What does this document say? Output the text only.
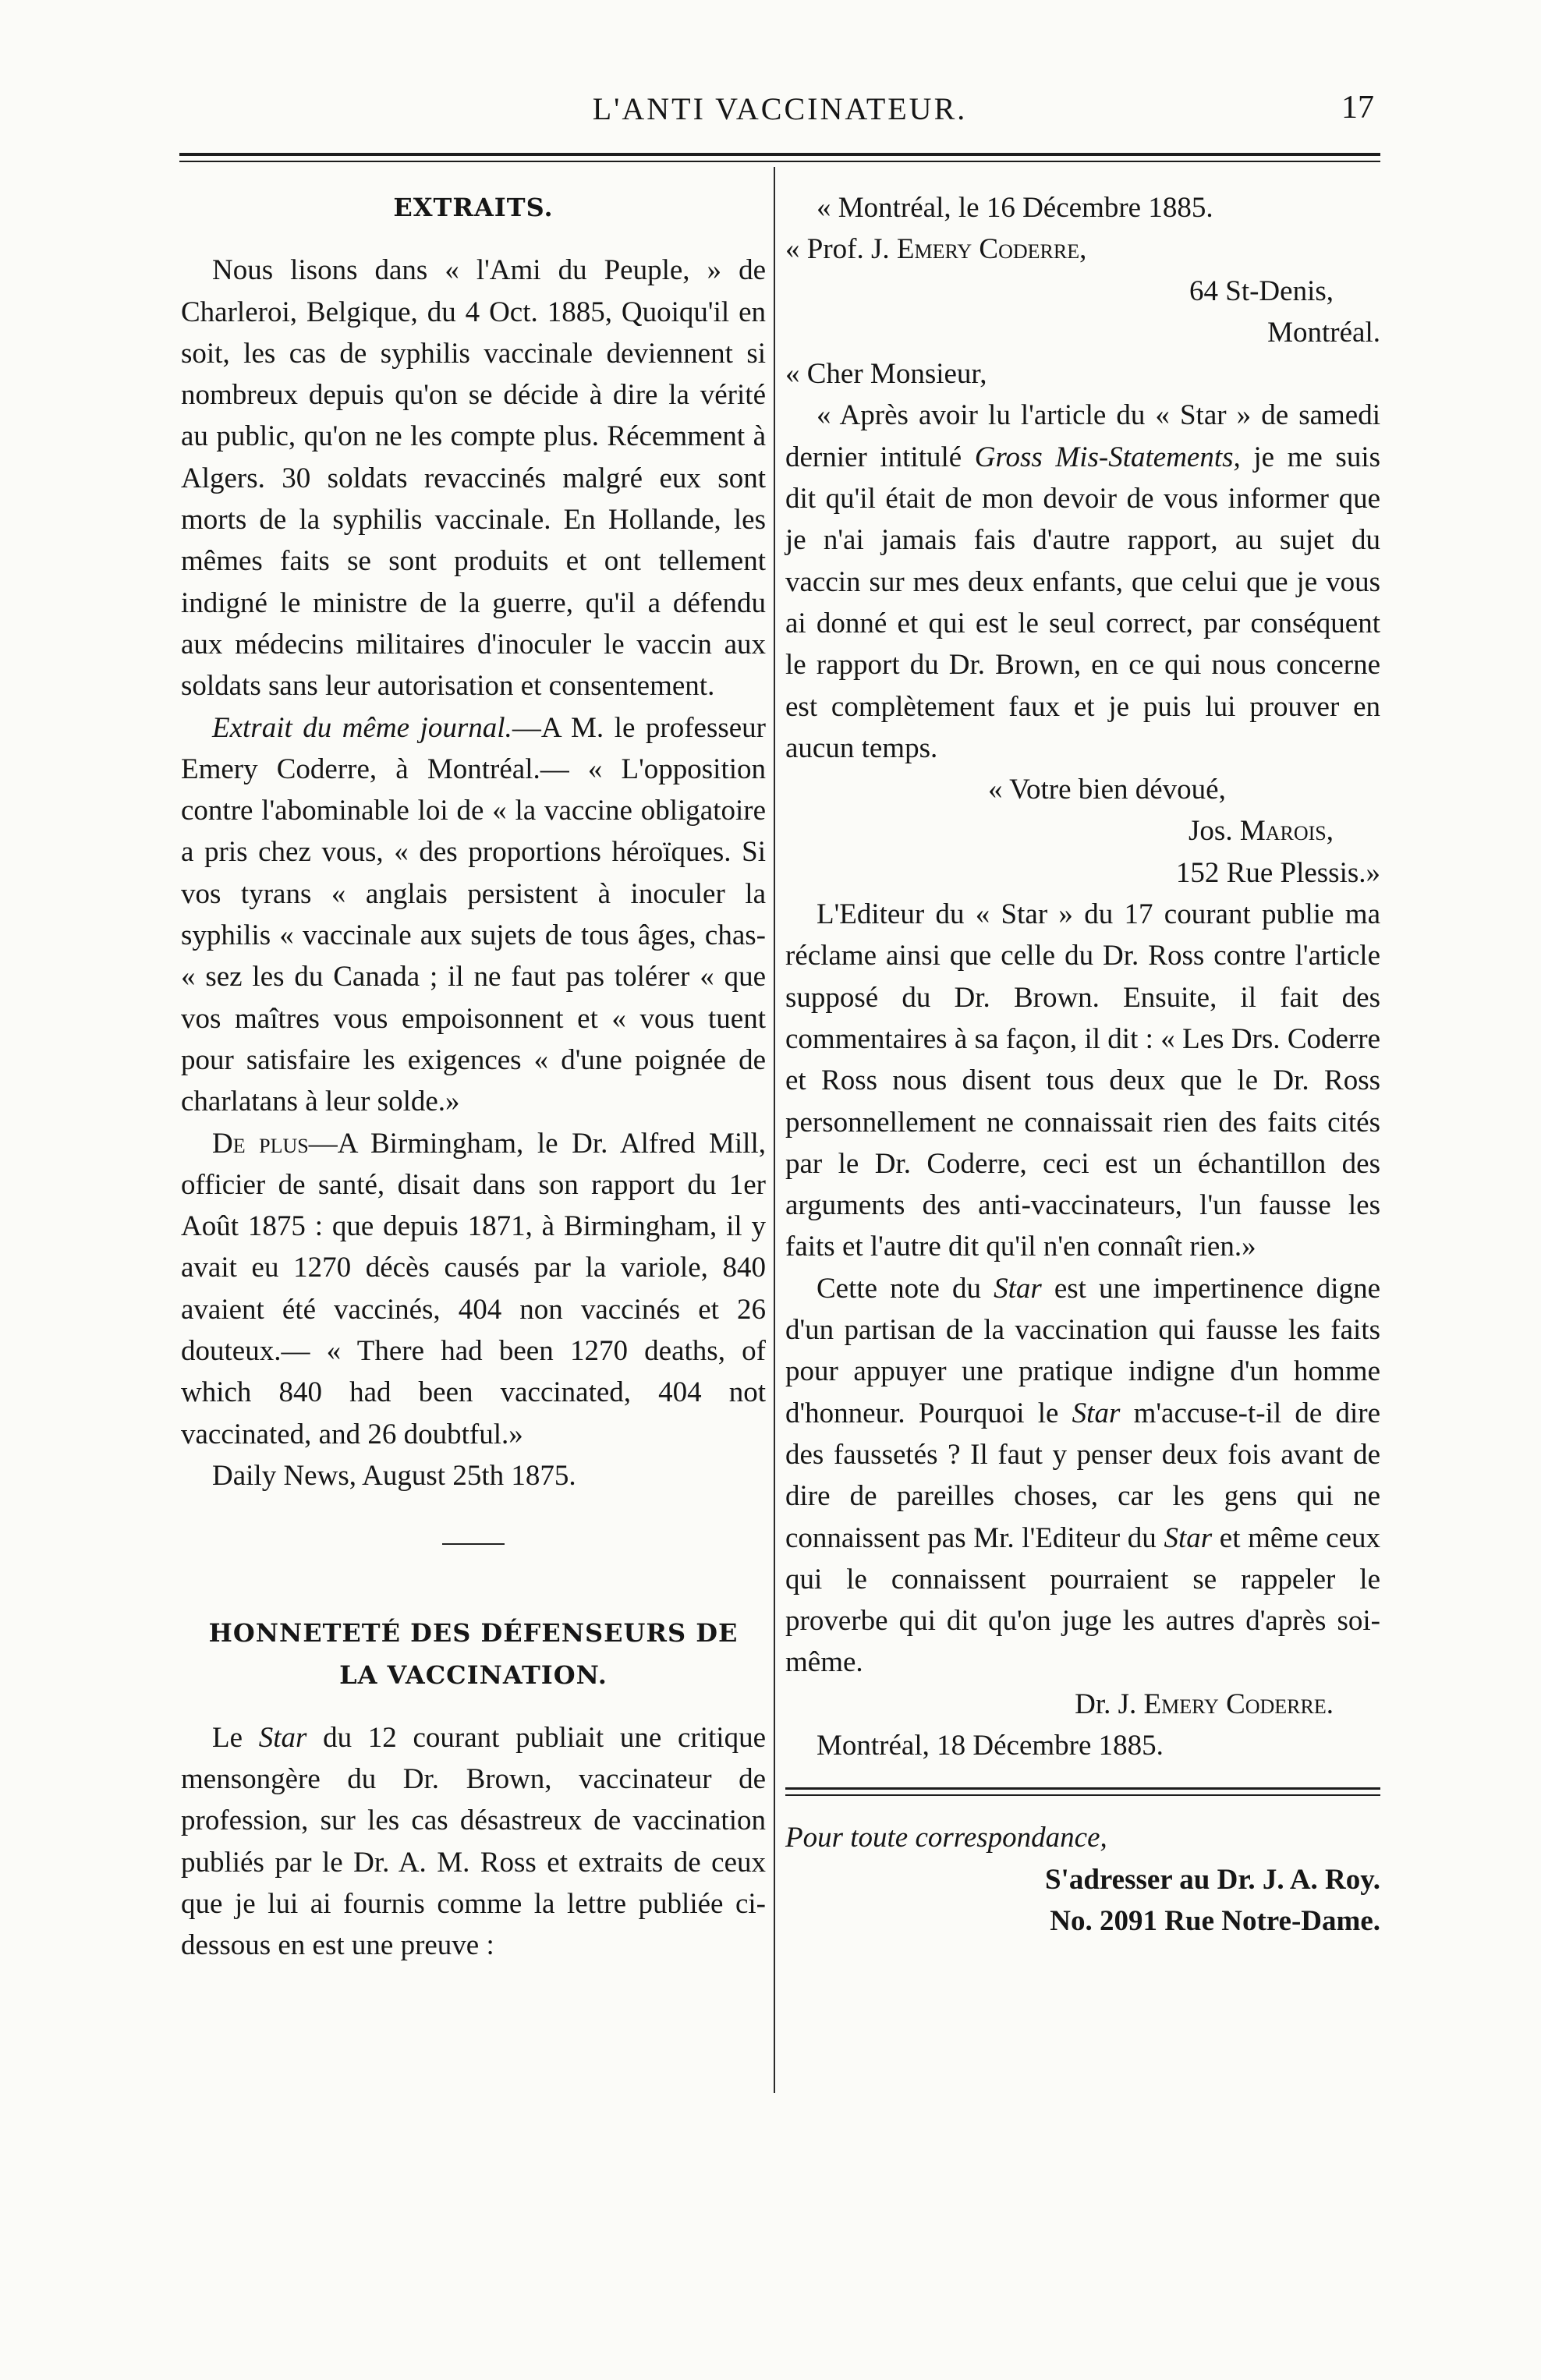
L'ANTI VACCINATEUR.	17
EXTRAITS.

Nous lisons dans « l'Ami du Peuple, » de Charleroi, Belgique, du 4 Oct. 1885, Quoiqu'il en soit, les cas de syphilis vaccinale deviennent si nombreux depuis qu'on se décide à dire la vérité au public, qu'on ne les compte plus. Récemment à Algers. 30 soldats revaccinés malgré eux sont morts de la syphilis vaccinale. En Hollande, les mêmes faits se sont produits et ont tellement indigné le ministre de la guerre, qu'il a défendu aux médecins militaires d'inoculer le vaccin aux soldats sans leur autorisation et consentement.

Extrait du même journal.—A M. le professeur Emery Coderre, à Montréal.— « L'opposition contre l'abominable loi de « la vaccine obligatoire a pris chez vous, « des proportions héroïques. Si vos tyrans « anglais persistent à inoculer la syphilis « vaccinale aux sujets de tous âges, chas- « sez les du Canada ; il ne faut pas tolérer « que vos maîtres vous empoisonnent et « vous tuent pour satisfaire les exigences « d'une poignée de charlatans à leur solde.»

De plus—A Birmingham, le Dr. Alfred Mill, officier de santé, disait dans son rapport du 1er Août 1875 : que depuis 1871, à Birmingham, il y avait eu 1270 décès causés par la variole, 840 avaient été vaccinés, 404 non vaccinés et 26 douteux.— « There had been 1270 deaths, of which 840 had been vaccinated, 404 not vaccinated, and 26 doubtful.»

Daily News, August 25th 1875.

HONNETETÉ DES DÉFENSEURS DE
LA VACCINATION.

Le Star du 12 courant publiait une critique mensongère du Dr. Brown, vaccinateur de profession, sur les cas désastreux de vaccination publiés par le Dr. A. M. Ross et extraits de ceux que je lui ai fournis comme la lettre publiée ci-dessous en est une preuve :

« Montréal, le 16 Décembre 1885.

« Prof. J. Emery Coderre,

64 St-Denis,

Montréal.

« Cher Monsieur,

« Après avoir lu l'article du « Star » de samedi dernier intitulé Gross Mis-Statements, je me suis dit qu'il était de mon devoir de vous informer que je n'ai jamais fais d'autre rapport, au sujet du vaccin sur mes deux enfants, que celui que je vous ai donné et qui est le seul correct, par conséquent le rapport du Dr. Brown, en ce qui nous concerne est complètement faux et je puis lui prouver en aucun temps.

« Votre bien dévoué,

Jos. Marois,

152 Rue Plessis.»

L'Editeur du « Star » du 17 courant publie ma réclame ainsi que celle du Dr. Ross contre l'article supposé du Dr. Brown. Ensuite, il fait des commentaires à sa façon, il dit : « Les Drs. Coderre et Ross nous disent tous deux que le Dr. Ross personnellement ne connaissait rien des faits cités par le Dr. Coderre, ceci est un échantillon des arguments des anti-vaccinateurs, l'un fausse les faits et l'autre dit qu'il n'en connaît rien.»

Cette note du Star est une impertinence digne d'un partisan de la vaccination qui fausse les faits pour appuyer une pratique indigne d'un homme d'honneur. Pourquoi le Star m'accuse-t-il de dire des faussetés ? Il faut y penser deux fois avant de dire de pareilles choses, car les gens qui ne connaissent pas Mr. l'Editeur du Star et même ceux qui le connaissent pourraient se rappeler le proverbe qui dit qu'on juge les autres d'après soi-même.

Dr. J. Emery Coderre.

Montréal, 18 Décembre 1885.

Pour toute correspondance,

S'adresser au Dr. J. A. Roy.

No. 2091 Rue Notre-Dame.
